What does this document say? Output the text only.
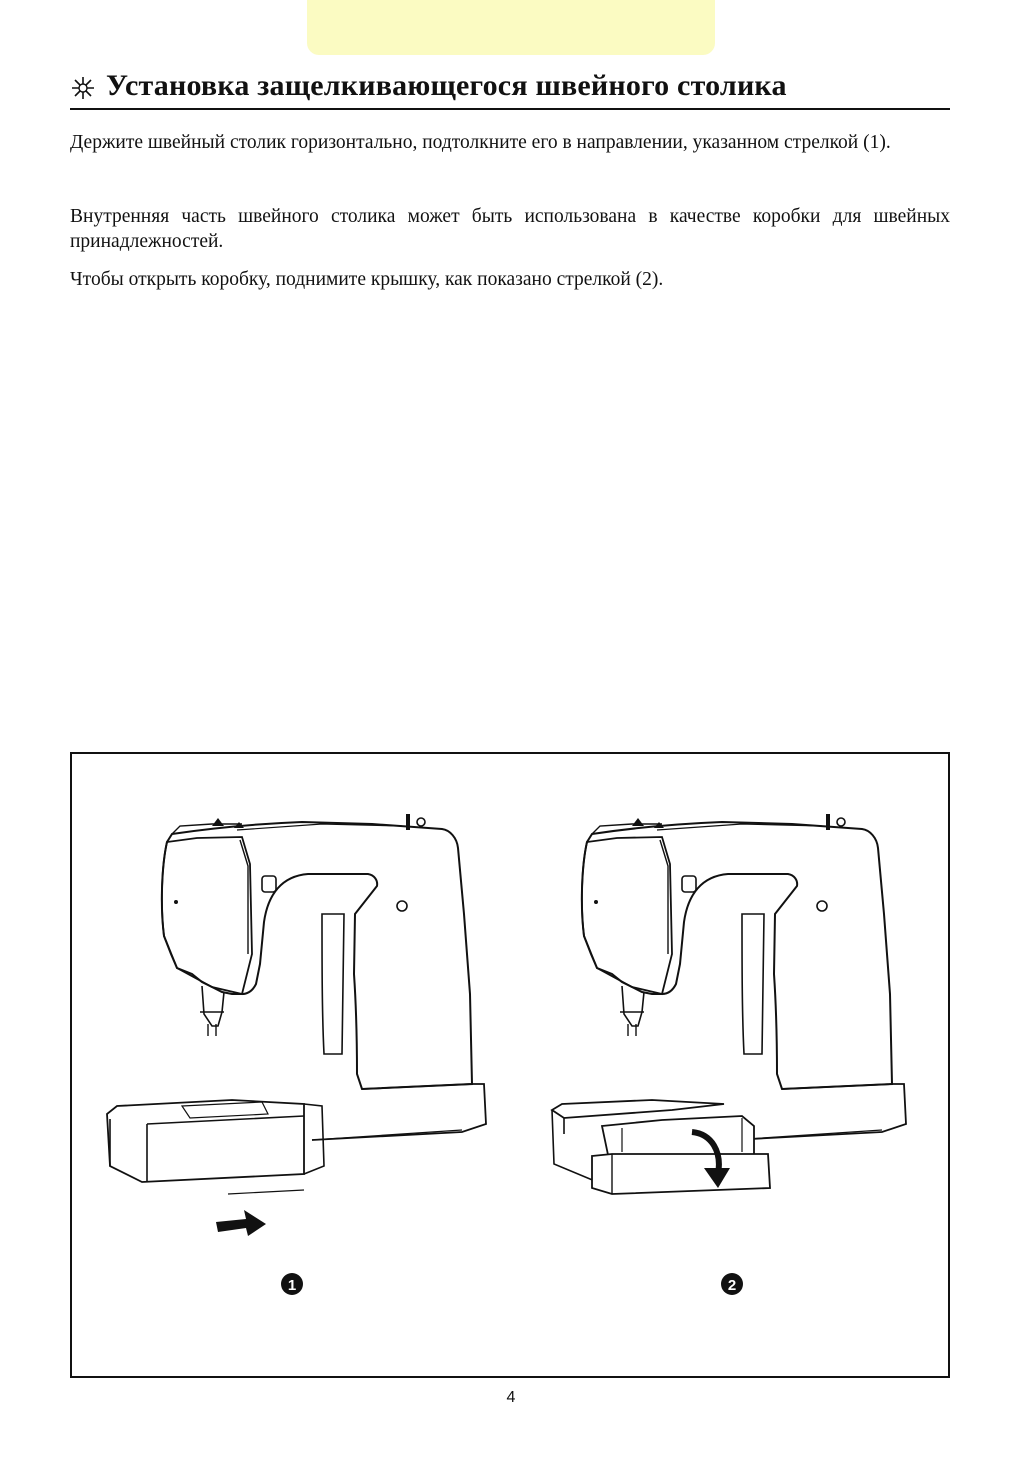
Установка защелкивающегося швейного столика

Держите швейный столик горизонтально, подтолкните его в направлении, указанном стрелкой (1).

Внутренняя часть швейного столика может быть использована в качестве коробки для швейных принадлежностей.

Чтобы открыть коробку, поднимите крышку, как показано стрелкой (2).

1	2
4
